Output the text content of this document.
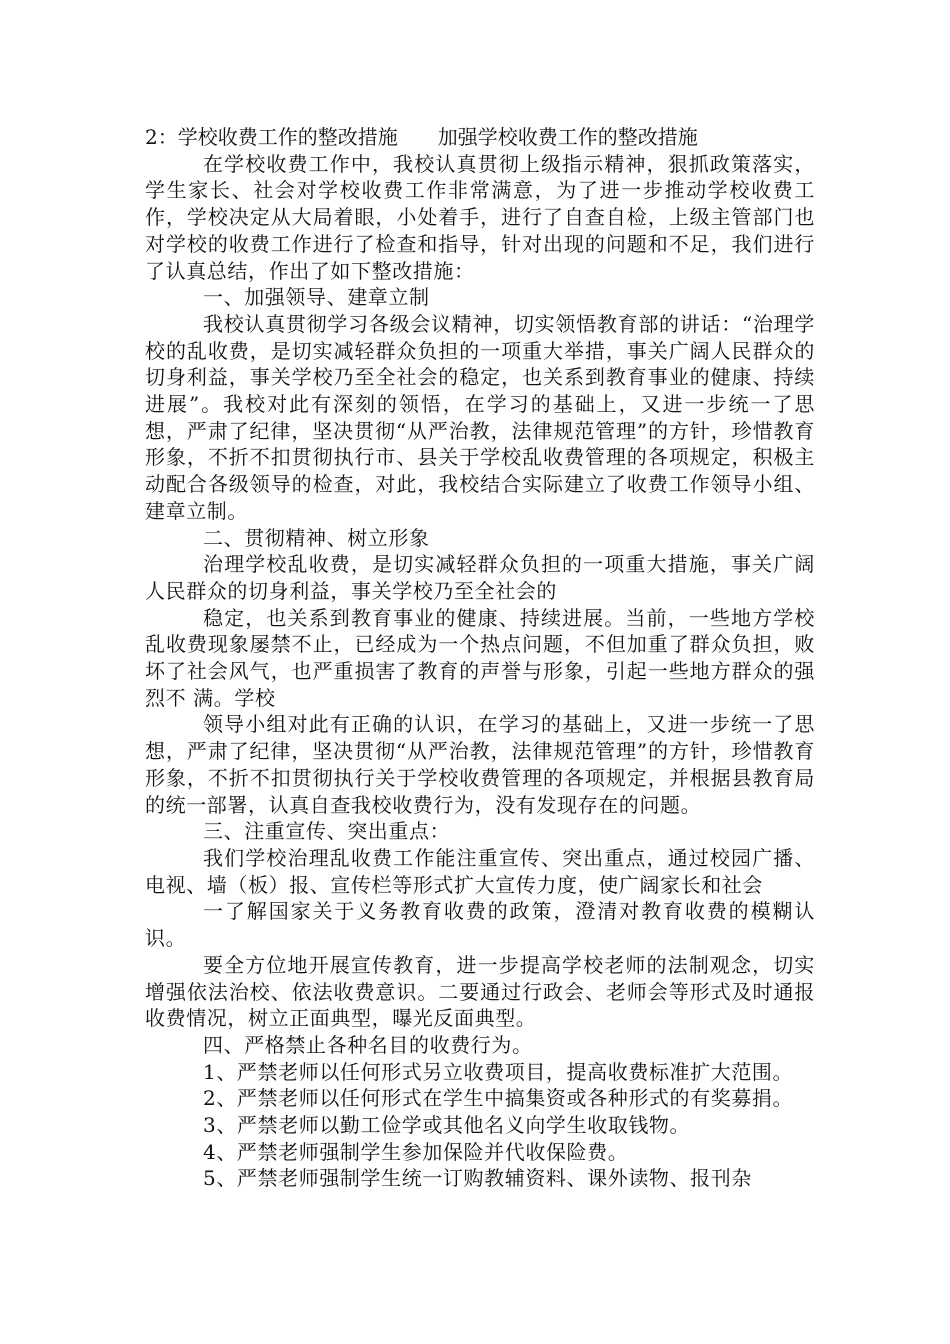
2：学校收费工作的整改措施 加强学校收费工作的整改措施

在学校收费工作中，我校认真贯彻上级指示精神，狠抓政策落实，学生家长、社会对学校收费工作非常满意，为了进一步推动学校收费工作，学校决定从大局着眼，小处着手，进行了自查自检，上级主管部门也对学校的收费工作进行了检查和指导，针对出现的问题和不足，我们进行了认真总结，作出了如下整改措施：

一、加强领导、建章立制

我校认真贯彻学习各级会议精神，切实领悟教育部的讲话：“治理学校的乱收费，是切实减轻群众负担的一项重大举措，事关广阔人民群众的切身利益，事关学校乃至全社会的稳定，也关系到教育事业的健康、持续进展”。我校对此有深刻的领悟，在学习的基础上，又进一步统一了思想，严肃了纪律，坚决贯彻“从严治教，法律规范管理”的方针，珍惜教育形象，不折不扣贯彻执行市、县关于学校乱收费管理的各项规定，积极主动配合各级领导的检查，对此，我校结合实际建立了收费工作领导小组、建章立制。

二、贯彻精神、树立形象

治理学校乱收费，是切实减轻群众负担的一项重大措施，事关广阔人民群众的切身利益，事关学校乃至全社会的

稳定，也关系到教育事业的健康、持续进展。当前，一些地方学校乱收费现象屡禁不止，已经成为一个热点问题，不但加重了群众负担，败坏了社会风气，也严重损害了教育的声誉与形象，引起一些地方群众的强烈不 满。学校

领导小组对此有正确的认识，在学习的基础上，又进一步统一了思想，严肃了纪律，坚决贯彻“从严治教，法律规范管理”的方针，珍惜教育形象，不折不扣贯彻执行关于学校收费管理的各项规定，并根据县教育局的统一部署，认真自查我校收费行为，没有发现存在的问题。

三、注重宣传、突出重点：

我们学校治理乱收费工作能注重宣传、突出重点，通过校园广播、电视、墙（板）报、宣传栏等形式扩大宣传力度，使广阔家长和社会

一了解国家关于义务教育收费的政策，澄清对教育收费的模糊认识。

要全方位地开展宣传教育，进一步提高学校老师的法制观念，切实增强依法治校、依法收费意识。二要通过行政会、老师会等形式及时通报收费情况，树立正面典型，曝光反面典型。

四、严格禁止各种名目的收费行为。

1、严禁老师以任何形式另立收费项目，提高收费标准扩大范围。

2、严禁老师以任何形式在学生中搞集资或各种形式的有奖募捐。

3、严禁老师以勤工俭学或其他名义向学生收取钱物。

4、严禁老师强制学生参加保险并代收保险费。

5、严禁老师强制学生统一订购教辅资料、课外读物、报刊杂
